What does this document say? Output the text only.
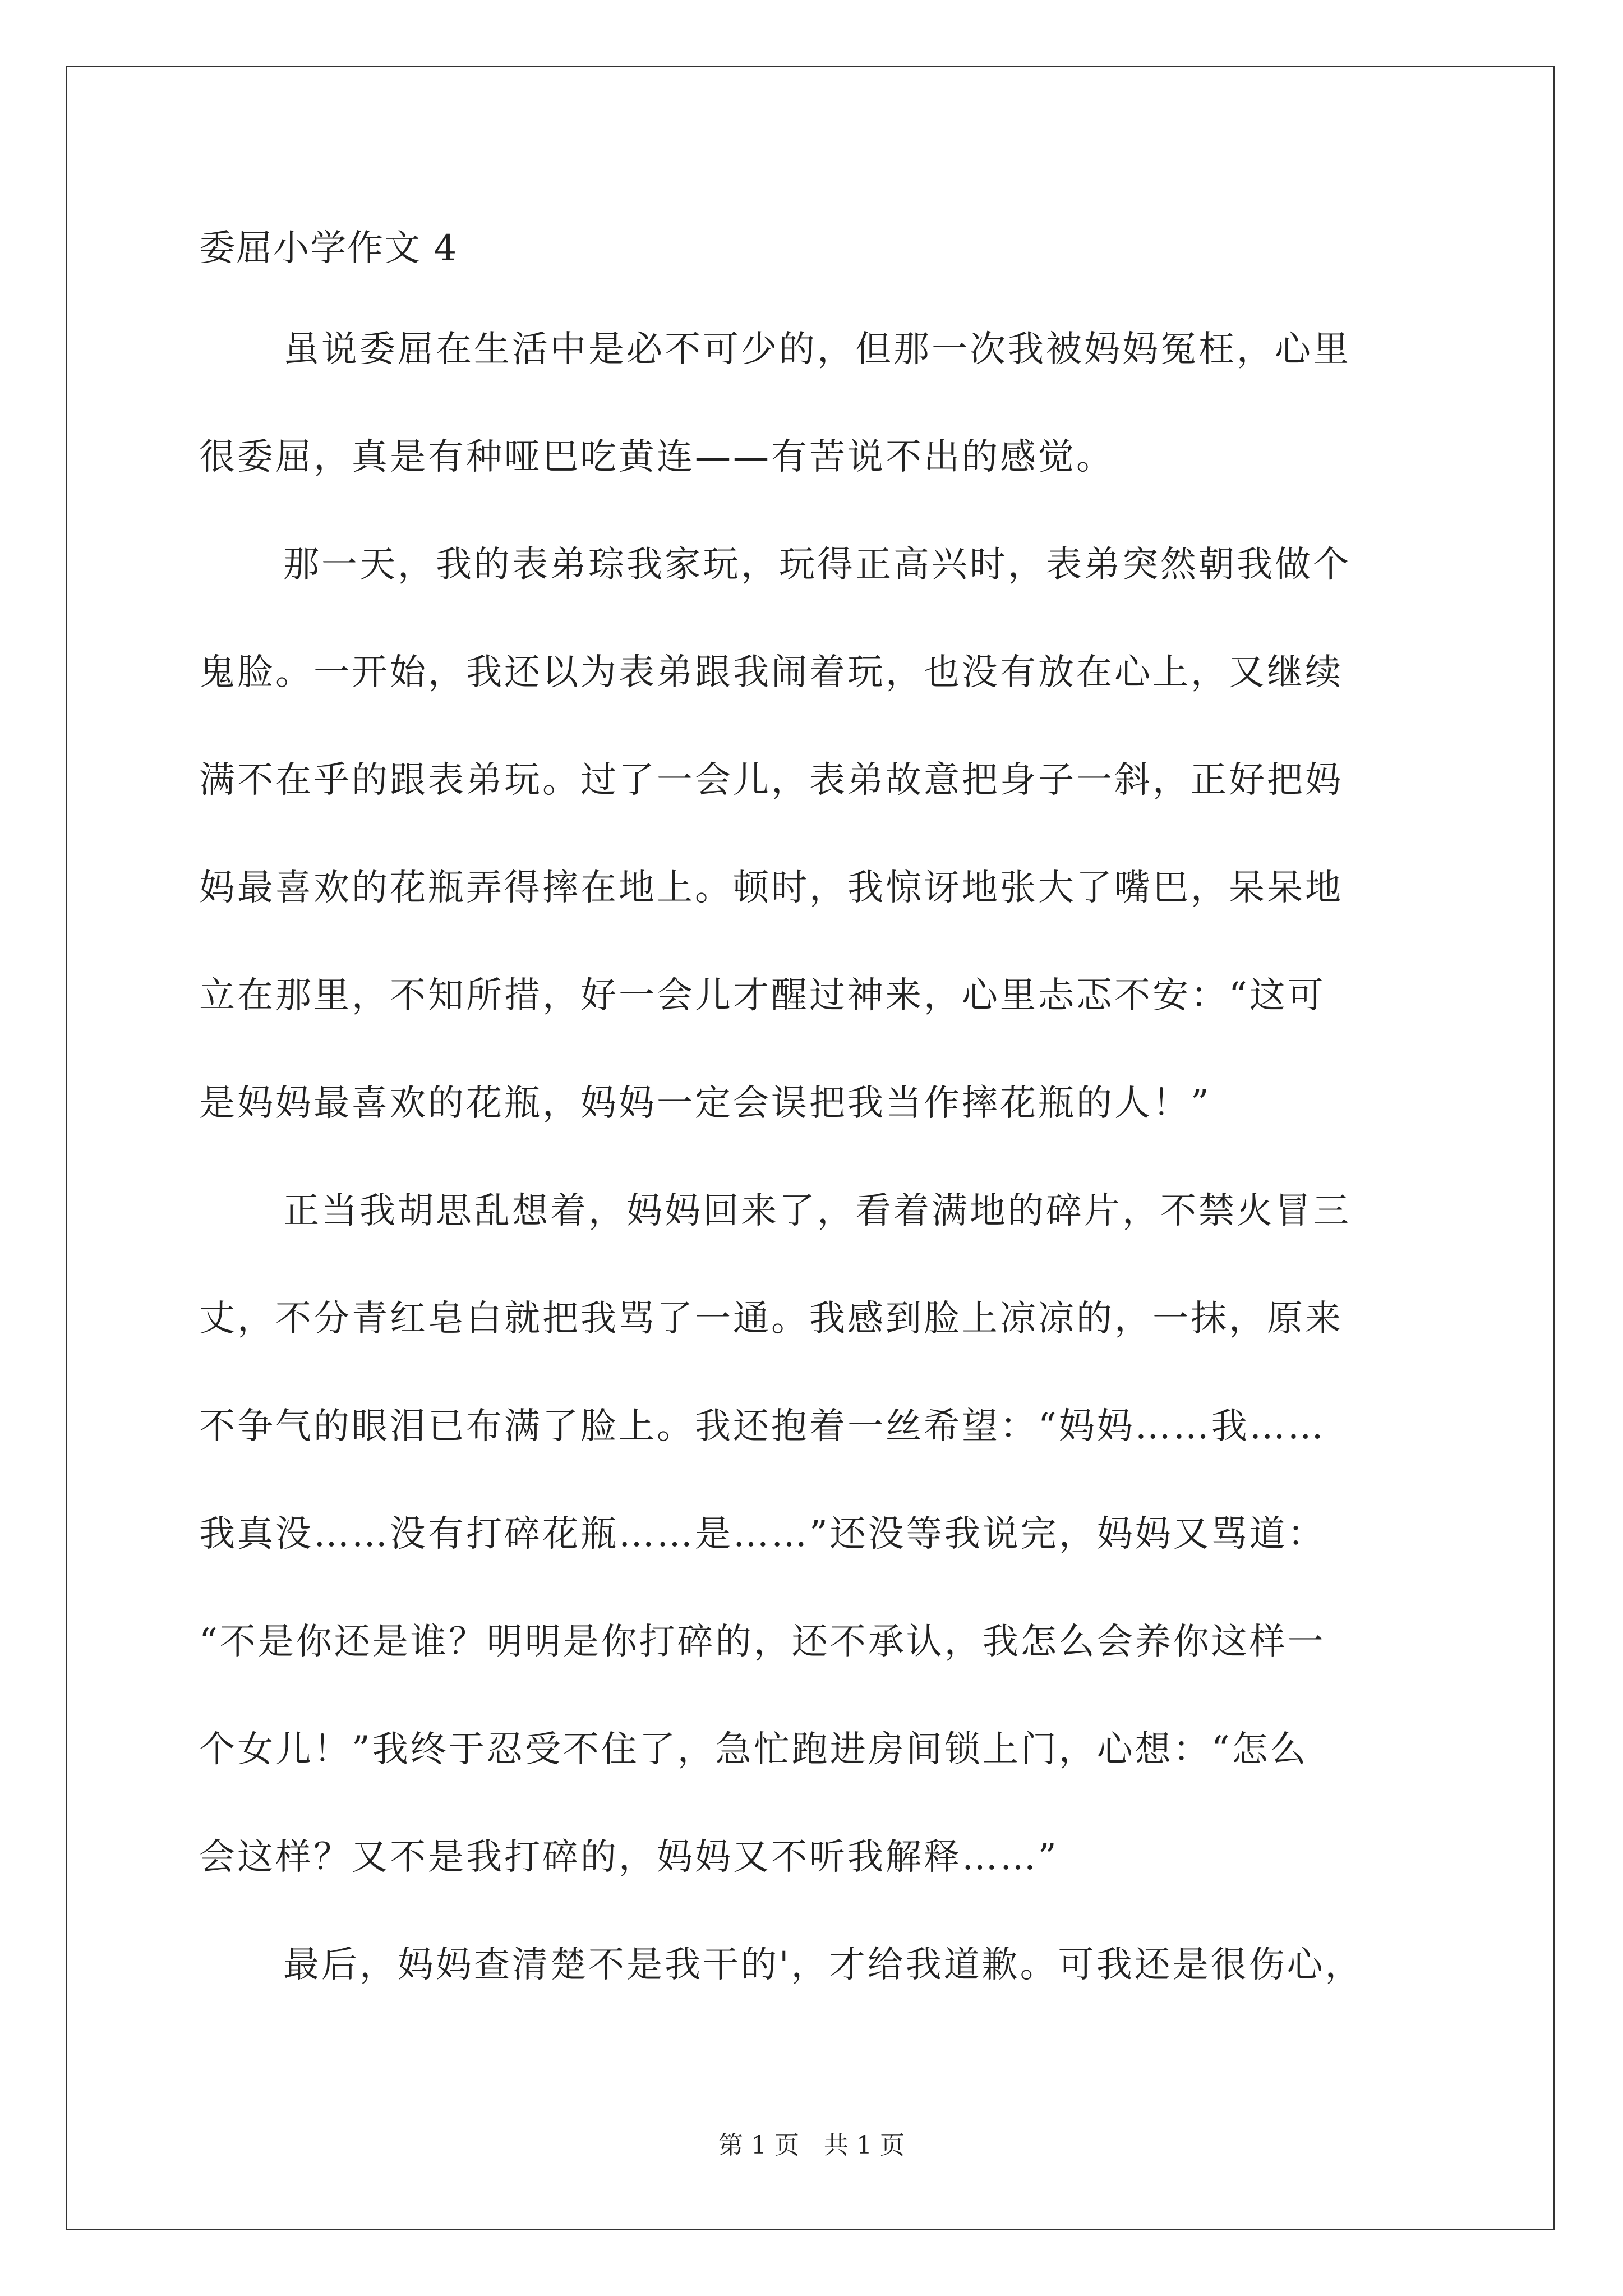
委屈小学作文 4
虽说委屈在生活中是必不可少的，但那一次我被妈妈冤枉，心里
很委屈，真是有种哑巴吃黄连——有苦说不出的感觉。
那一天，我的表弟琮我家玩，玩得正高兴时，表弟突然朝我做个
鬼脸。一开始，我还以为表弟跟我闹着玩，也没有放在心上，又继续
满不在乎的跟表弟玩。过了一会儿，表弟故意把身子一斜，正好把妈
妈最喜欢的花瓶弄得摔在地上。顿时，我惊讶地张大了嘴巴，呆呆地
立在那里，不知所措，好一会儿才醒过神来，心里忐忑不安：“这可
是妈妈最喜欢的花瓶，妈妈一定会误把我当作摔花瓶的人！”
正当我胡思乱想着，妈妈回来了，看着满地的碎片，不禁火冒三
丈，不分青红皂白就把我骂了一通。我感到脸上凉凉的，一抹，原来
不争气的眼泪已布满了脸上。我还抱着一丝希望：“妈妈……我……
我真没……没有打碎花瓶……是……”还没等我说完，妈妈又骂道：
“不是你还是谁？明明是你打碎的，还不承认，我怎么会养你这样一
个女儿！”我终于忍受不住了，急忙跑进房间锁上门，心想：“怎么
会这样？又不是我打碎的，妈妈又不听我解释……”
最后，妈妈查清楚不是我干的'，才给我道歉。可我还是很伤心，
第 1 页　共 1 页
